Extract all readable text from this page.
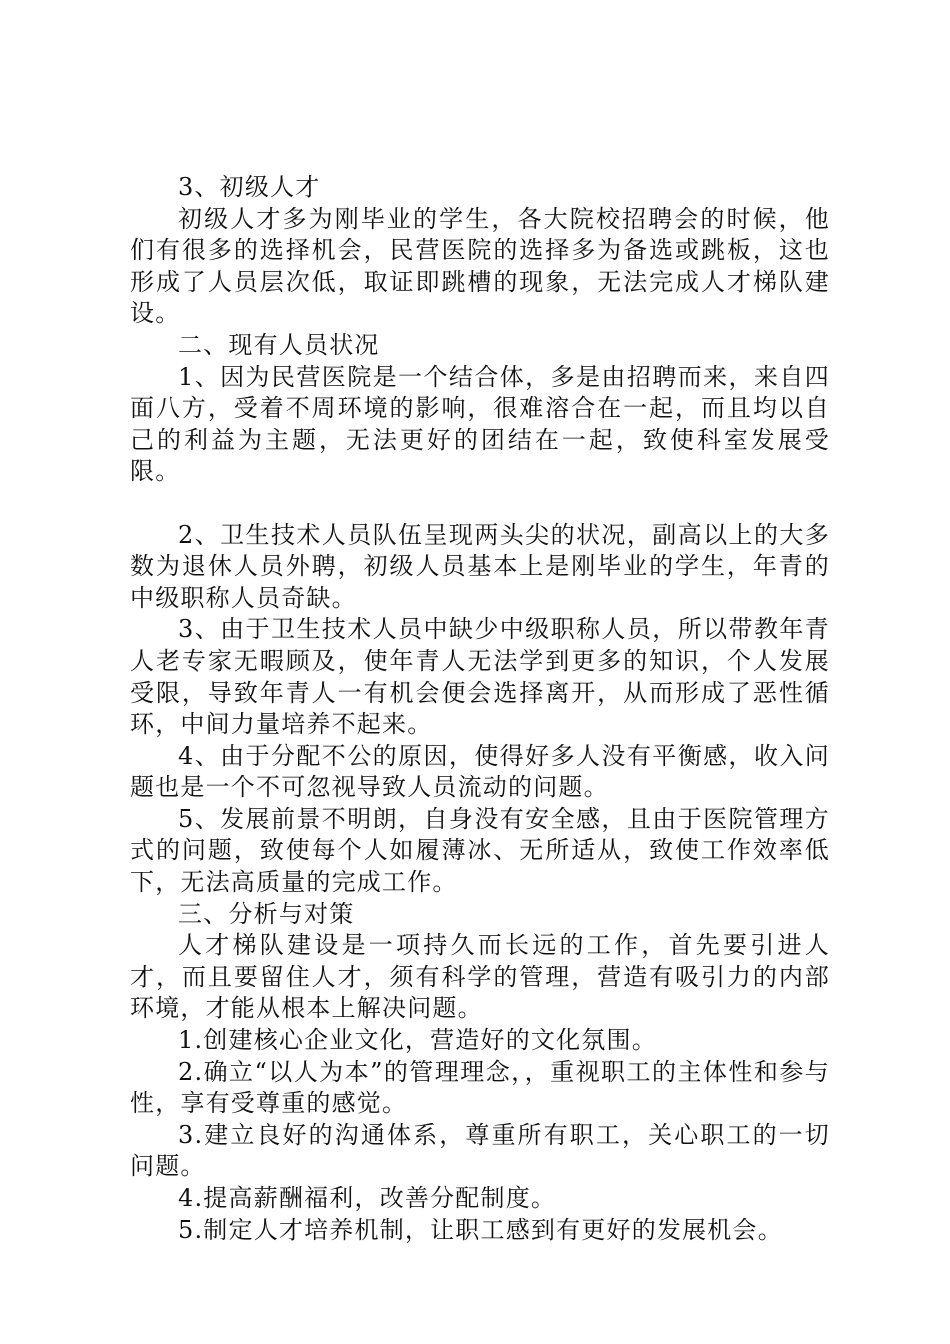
3、初级人才

初级人才多为刚毕业的学生，各大院校招聘会的时候，他们有很多的选择机会，民营医院的选择多为备选或跳板，这也形成了人员层次低，取证即跳槽的现象，无法完成人才梯队建设。

二、现有人员状况

1、因为民营医院是一个结合体，多是由招聘而来，来自四面八方，受着不周环境的影响，很难溶合在一起，而且均以自己的利益为主题，无法更好的团结在一起，致使科室发展受限。

2、卫生技术人员队伍呈现两头尖的状况，副高以上的大多数为退休人员外聘，初级人员基本上是刚毕业的学生，年青的中级职称人员奇缺。

3、由于卫生技术人员中缺少中级职称人员，所以带教年青人老专家无暇顾及，使年青人无法学到更多的知识，个人发展受限，导致年青人一有机会便会选择离开，从而形成了恶性循环，中间力量培养不起来。

4、由于分配不公的原因，使得好多人没有平衡感，收入问题也是一个不可忽视导致人员流动的问题。

5、发展前景不明朗，自身没有安全感，且由于医院管理方式的问题，致使每个人如履薄冰、无所适从，致使工作效率低下，无法高质量的完成工作。

三、分析与对策

人才梯队建设是一项持久而长远的工作，首先要引进人才，而且要留住人才，须有科学的管理，营造有吸引力的内部环境，才能从根本上解决问题。

1.创建核心企业文化，营造好的文化氛围。

2.确立“以人为本”的管理理念，，重视职工的主体性和参与性，享有受尊重的感觉。

3.建立良好的沟通体系，尊重所有职工，关心职工的一切问题。

4.提高薪酬福利，改善分配制度。

5.制定人才培养机制，让职工感到有更好的发展机会。
